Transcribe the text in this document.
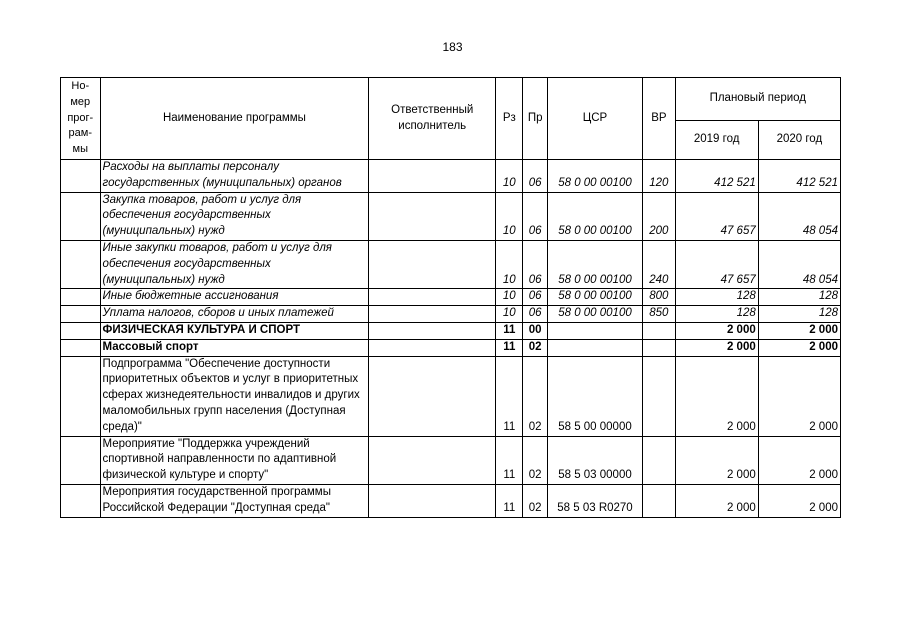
183
Но-мер прог-рам-мы	Наименование программы	Ответственный исполнитель	Рз	Пр	ЦСР	ВР	Плановый период	
							2019 год	2020 год
	Расходы на выплаты персоналу государственных (муниципальных) органов		10	06	58 0 00 00100	120	412 521	412 521
	Закупка товаров, работ и услуг для обеспечения государственных (муниципальных) нужд		10	06	58 0 00 00100	200	47 657	48 054
	Иные закупки товаров, работ и услуг для обеспечения государственных (муниципальных) нужд		10	06	58 0 00 00100	240	47 657	48 054
	Иные бюджетные ассигнования		10	06	58 0 00 00100	800	128	128
	Уплата налогов, сборов и иных платежей		10	06	58 0 00 00100	850	128	128
	ФИЗИЧЕСКАЯ КУЛЬТУРА И СПОРТ		11	00			2 000	2 000
	Массовый спорт		11	02			2 000	2 000
	Подпрограмма "Обеспечение доступности приоритетных объектов и услуг в приоритетных сферах жизнедеятельности инвалидов и других маломобильных групп населения (Доступная среда)"		11	02	58 5 00 00000		2 000	2 000
	Мероприятие "Поддержка учреждений спортивной направленности по адаптивной физической культуре и спорту"		11	02	58 5 03 00000		2 000	2 000
	Мероприятия государственной программы Российской Федерации "Доступная среда"		11	02	58 5 03 R0270		2 000	2 000
